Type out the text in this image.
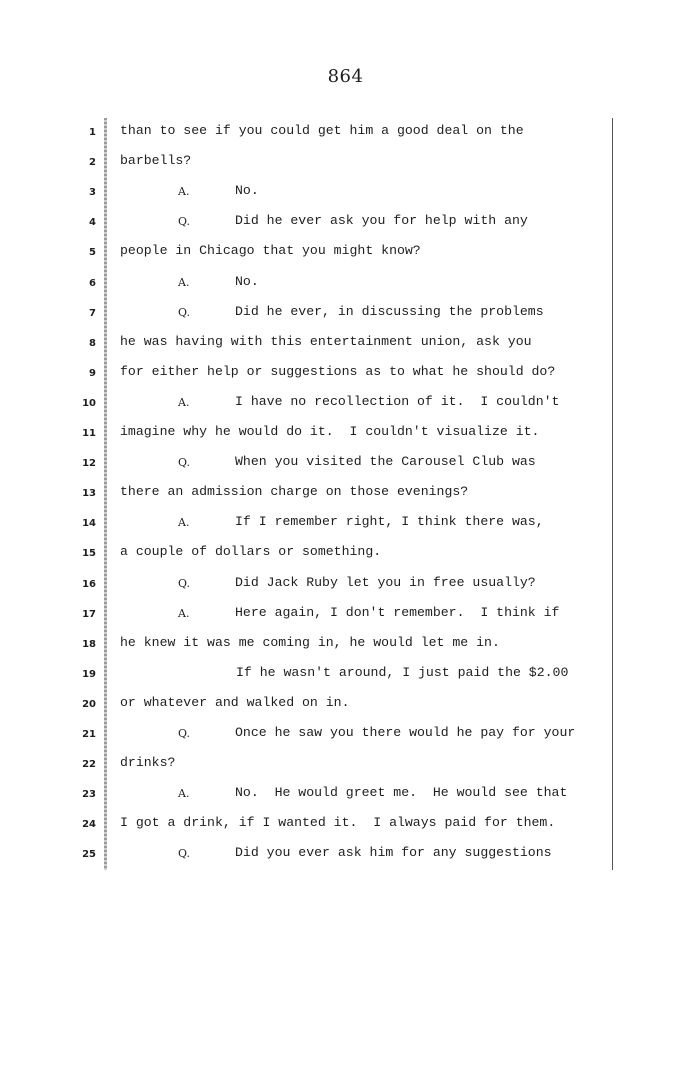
864
1 than to see if you could get him a good deal on the
2 barbells?
3	A.	No.
4	Q.	Did he ever ask you for help with any
5 people in Chicago that you might know?
6	A.	No.
7	Q.	Did he ever, in discussing the problems
8 he was having with this entertainment union, ask you
9 for either help or suggestions as to what he should do?
10	A.	I have no recollection of it.  I couldn't
11 imagine why he would do it.  I couldn't visualize it.
12	Q.	When you visited the Carousel Club was
13 there an admission charge on those evenings?
14	A.	If I remember right, I think there was,
15 a couple of dollars or something.
16	Q.	Did Jack Ruby let you in free usually?
17	A.	Here again, I don't remember.  I think if
18 he knew it was me coming in, he would let me in.
19	If he wasn't around, I just paid the $2.00
20 or whatever and walked on in.
21	Q.	Once he saw you there would he pay for your
22 drinks?
23	A.	No.  He would greet me.  He would see that
24 I got a drink, if I wanted it.  I always paid for them.
25	Q.	Did you ever ask him for any suggestions
